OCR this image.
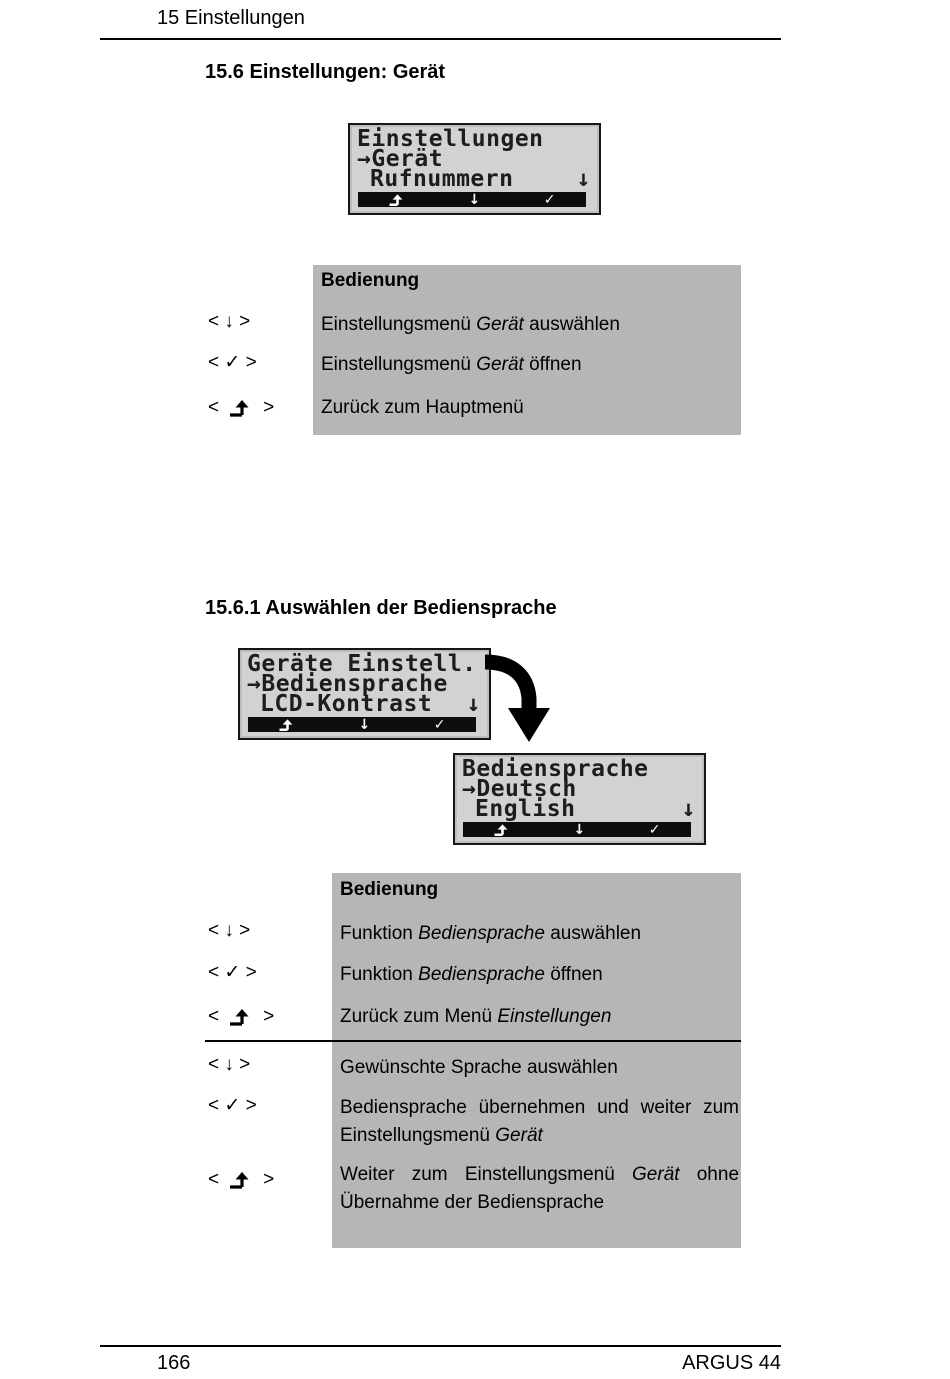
15 Einstellungen
15.6 Einstellungen: Gerät
Einstellungen
→Gerät
Rufnummern	↓
↓	✓
Bedienung
< ↓ >	Einstellungsmenü Gerät auswählen
< ✓ >	Einstellungsmenü Gerät öffnen
< > Zurück zum Hauptmenü
15.6.1 Auswählen der Bediensprache
Geräte Einstell.
→Bediensprache
LCD-Kontrast ↓
↓	✓
Bediensprache
→Deutsch
English	↓
↓	✓
Bedienung
< ↓ >	Funktion Bediensprache auswählen
< ✓ >	Funktion Bediensprache öffnen
< >	Zurück zum Menü Einstellungen
< ↓ >	Gewünschte Sprache auswählen
< ✓ >	Bediensprache übernehmen und weiter zum Einstellungsmenü Gerät
< >	Weiter zum Einstellungsmenü Gerät ohne Übernahme der Bediensprache
166	ARGUS 44
